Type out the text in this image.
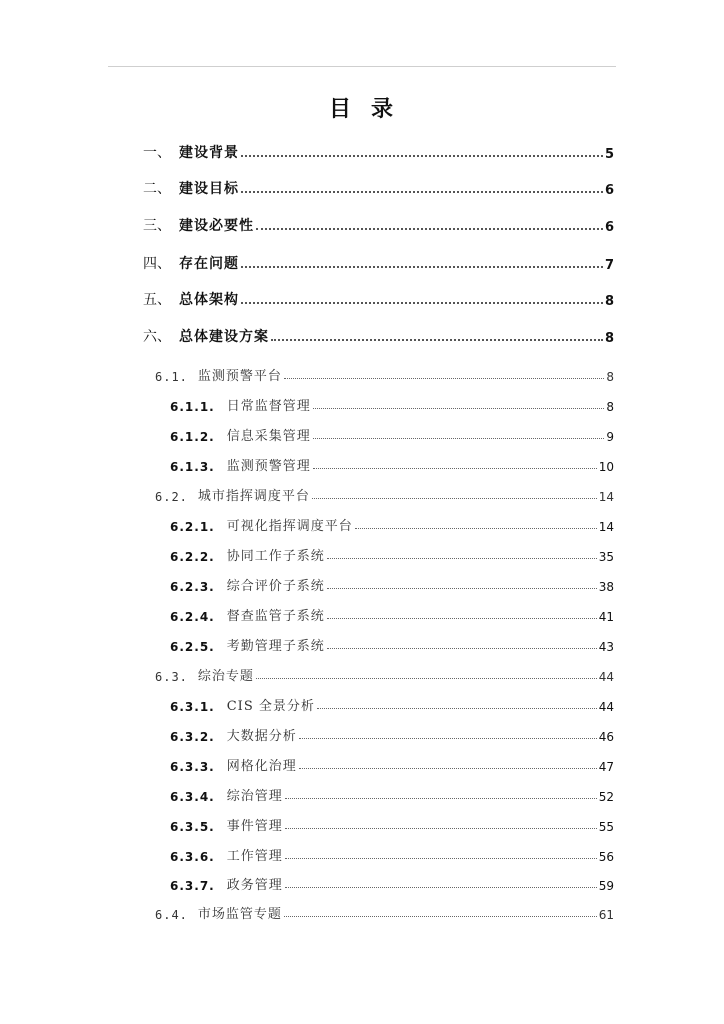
目 录
一、 建设背景	5
二、 建设目标	6
三、 建设必要性	6
四、 存在问题	7
五、 总体架构	8
六、 总体建设方案	8
6.1. 监测预警平台	8
6.1.1. 日常监督管理	8
6.1.2. 信息采集管理	9
6.1.3. 监测预警管理	10
6.2. 城市指挥调度平台	14
6.2.1. 可视化指挥调度平台	14
6.2.2. 协同工作子系统	35
6.2.3. 综合评价子系统	38
6.2.4. 督查监管子系统	41
6.2.5. 考勤管理子系统	43
6.3. 综治专题	44
6.3.1. CIS 全景分析	44
6.3.2. 大数据分析	46
6.3.3. 网格化治理	47
6.3.4. 综治管理	52
6.3.5. 事件管理	55
6.3.6. 工作管理	56
6.3.7. 政务管理	59
6.4. 市场监管专题	61
